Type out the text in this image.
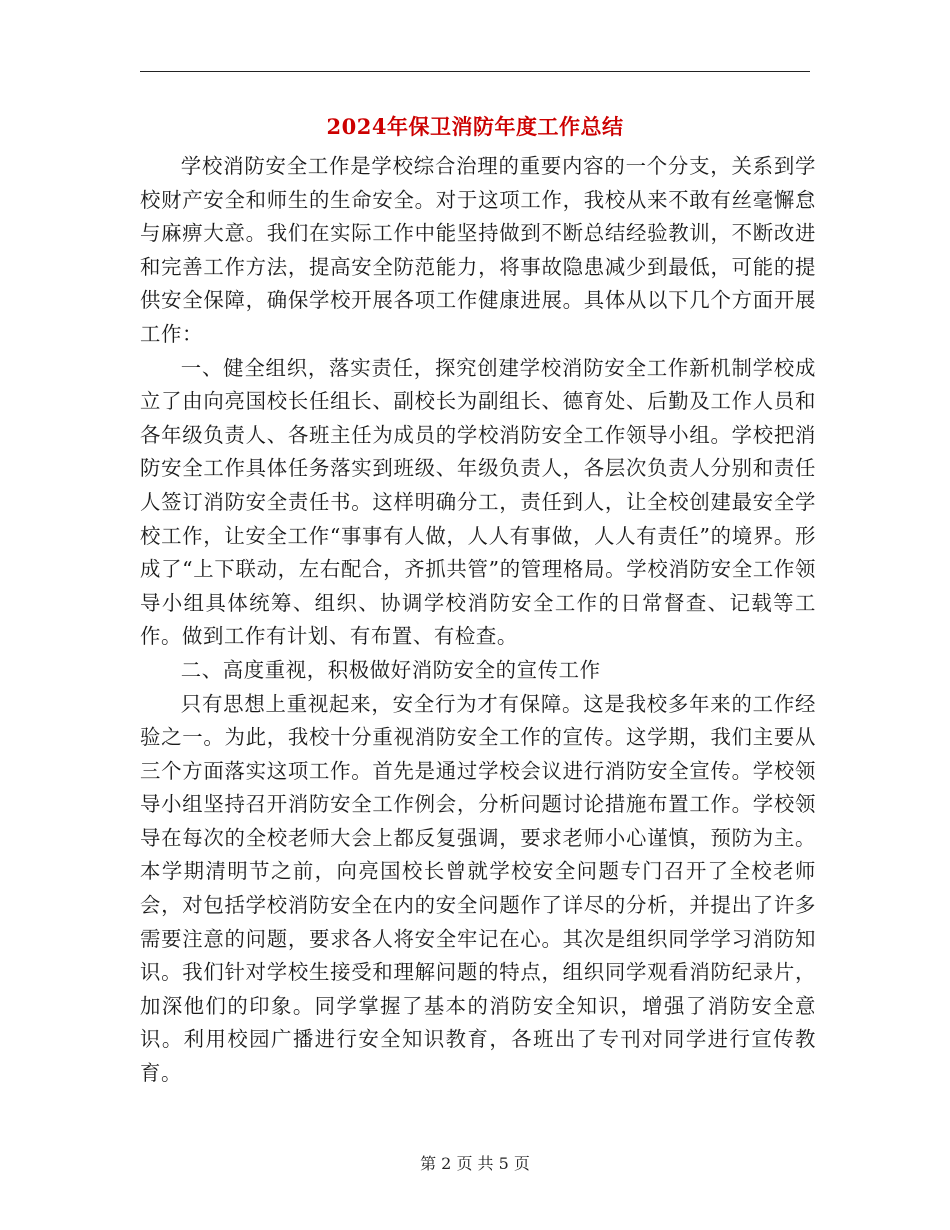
2024年保卫消防年度工作总结

学校消防安全工作是学校综合治理的重要内容的一个分支，关系到学校财产安全和师生的生命安全。对于这项工作，我校从来不敢有丝毫懈怠与麻痹大意。我们在实际工作中能坚持做到不断总结经验教训，不断改进和完善工作方法，提高安全防范能力，将事故隐患减少到最低，可能的提供安全保障，确保学校开展各项工作健康进展。具体从以下几个方面开展工作：

一、健全组织，落实责任，探究创建学校消防安全工作新机制学校成立了由向亮国校长任组长、副校长为副组长、德育处、后勤及工作人员和各年级负责人、各班主任为成员的学校消防安全工作领导小组。学校把消防安全工作具体任务落实到班级、年级负责人，各层次负责人分别和责任人签订消防安全责任书。这样明确分工，责任到人，让全校创建最安全学校工作，让安全工作“事事有人做，人人有事做，人人有责任”的境界。形成了“上下联动，左右配合，齐抓共管”的管理格局。学校消防安全工作领导小组具体统筹、组织、协调学校消防安全工作的日常督查、记载等工作。做到工作有计划、有布置、有检查。

二、高度重视，积极做好消防安全的宣传工作

只有思想上重视起来，安全行为才有保障。这是我校多年来的工作经验之一。为此，我校十分重视消防安全工作的宣传。这学期，我们主要从三个方面落实这项工作。首先是通过学校会议进行消防安全宣传。学校领导小组坚持召开消防安全工作例会，分析问题讨论措施布置工作。学校领导在每次的全校老师大会上都反复强调，要求老师小心谨慎，预防为主。本学期清明节之前，向亮国校长曾就学校安全问题专门召开了全校老师会，对包括学校消防安全在内的安全问题作了详尽的分析，并提出了许多需要注意的问题，要求各人将安全牢记在心。其次是组织同学学习消防知识。我们针对学校生接受和理解问题的特点，组织同学观看消防纪录片，加深他们的印象。同学掌握了基本的消防安全知识，增强了消防安全意识。利用校园广播进行安全知识教育，各班出了专刊对同学进行宣传教育。

第 2 页 共 5 页
